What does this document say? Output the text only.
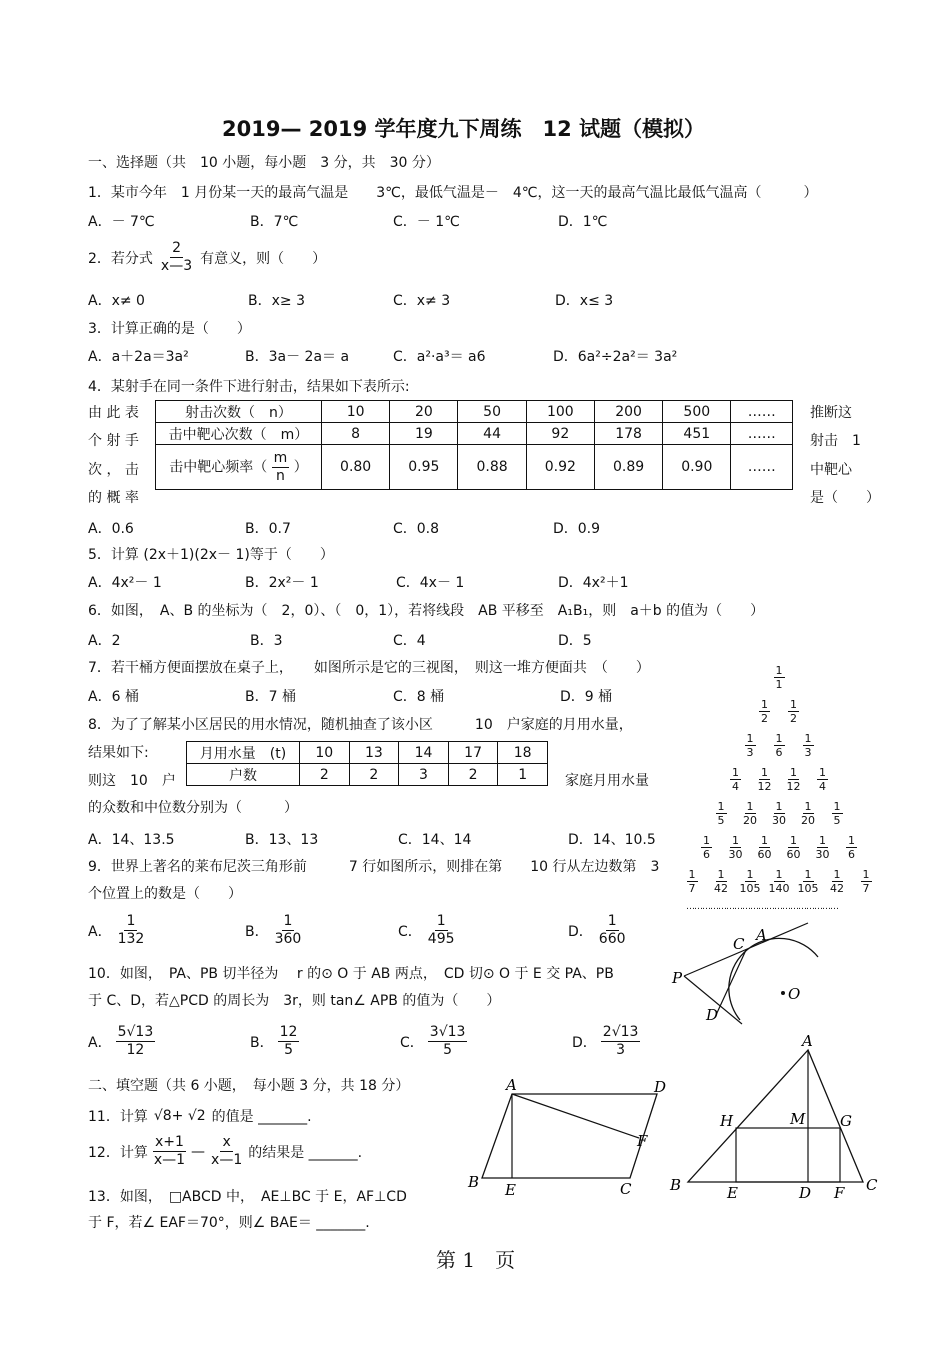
2019— 2019 学年度九下周练　12 试题（模拟）
一、选择题（共　10 小题，每小题　3 分，共　30 分）
1．某市今年　1 月份某一天的最高气温是　　3℃，最低气温是－　4℃，这一天的最高气温比最低气温高（　　　）
A．－ 7℃	B．7℃	C．－ 1℃	D．1℃
2．若分式 $\frac{2}{x—3}$ 有意义，则（　　）
A．x≠ 0	B．x≥ 3	C．x≠ 3	D．x≤ 3
3．计算正确的是（　　）
A．a＋2a＝3a²	B．3a－ 2a＝ a	C．a²·a³＝ a6	D．6a²÷2a²＝ 3a²
4．某射手在同一条件下进行射击，结果如下表所示:
由 此 表
个 射 手
次 ， 击
的 概 率
推断这
射击　1
中靶心
是（　　）
射击次数（　n）	10	20	50	100	200	500	……
击中靶心次数（　m）	8	19	44	92	178	451	……
击中靶心频率（ $\frac{m}{n}$ ）	0.80	0.95	0.88	0.92	0.89	0.90	……
A．0.6	B．0.7	C．0.8	D．0.9
5．计算 (2x＋1)(2x－ 1)等于（　　）
A．4x²－ 1	B．2x²－ 1	C．4x－ 1	D．4x²＋1
6．如图，　A、B 的坐标为（　2，0）、（　0，1），若将线段　AB 平移至　A₁B₁，则　a＋b 的值为（　　）
A．2	B．3	C．4	D．5
7．若干桶方便面摆放在桌子上，　　如图所示是它的三视图，　则这一堆方便面共　（　　）
A．6 桶	B．7 桶	C．8 桶	D．9 桶
8．为了了解某小区居民的用水情况，随机抽查了该小区　　　10　户家庭的月用水量，
结果如下:
则这　10　户	家庭月用水量
的众数和中位数分别为（　　　）
月用水量　(t)	10	13	14	17	18
户数	2	2	3	2	1
A．14、13.5	B．13、13	C．14、14	D．14、10.5
9．世界上著名的莱布尼茨三角形前　　　7 行如图所示，则排在第　　10 行从左边数第　3
个位置上的数是（　　）
A． $\frac{1}{132}$	B． $\frac{1}{360}$	C． $\frac{1}{495}$	D． $\frac{1}{660}$
$\frac{1}{1}$
$\frac{1}{2} \frac{1}{2}$
$\frac{1}{3} \frac{1}{6} \frac{1}{3}$
$\frac{1}{4} \frac{1}{12} \frac{1}{12} \frac{1}{4}$
$\frac{1}{5} \frac{1}{20} \frac{1}{30} \frac{1}{20} \frac{1}{5}$
$\frac{1}{6} \frac{1}{30} \frac{1}{60} \frac{1}{60} \frac{1}{30} \frac{1}{6}$
$\frac{1}{7} \frac{1}{42} \frac{1}{105} \frac{1}{140} \frac{1}{105} \frac{1}{42} \frac{1}{7}$
…………………………………………………
10．如图，　PA、PB 切半径为　 r 的⊙ O 于 AB 两点，　CD 切⊙ O 于 E 交 PA、PB
于 C、D，若△PCD 的周长为　3r，则 tan∠ APB 的值为（　　）
A． $\frac{5√13}{12}$	B． $\frac{12}{5}$	C． $\frac{3√13}{5}$	D． $\frac{2√13}{3}$
C A
P
O
D
二、填空题（共 6 小题，　每小题 3 分，共 18 分）
11．计算 √8+ √2 的值是 _______.
12．计算 $\frac{x+1}{x—1}$ — $\frac{x}{x—1}$ 的结果是 _______.
13．如图，　□ABCD 中，　AE⊥BC 于 E，AF⊥CD
于 F，若∠ EAF＝70°，则∠ BAE＝ _______.
A	D
F
B E	C
A
H	M G
B	E	D F C
第 1　页
